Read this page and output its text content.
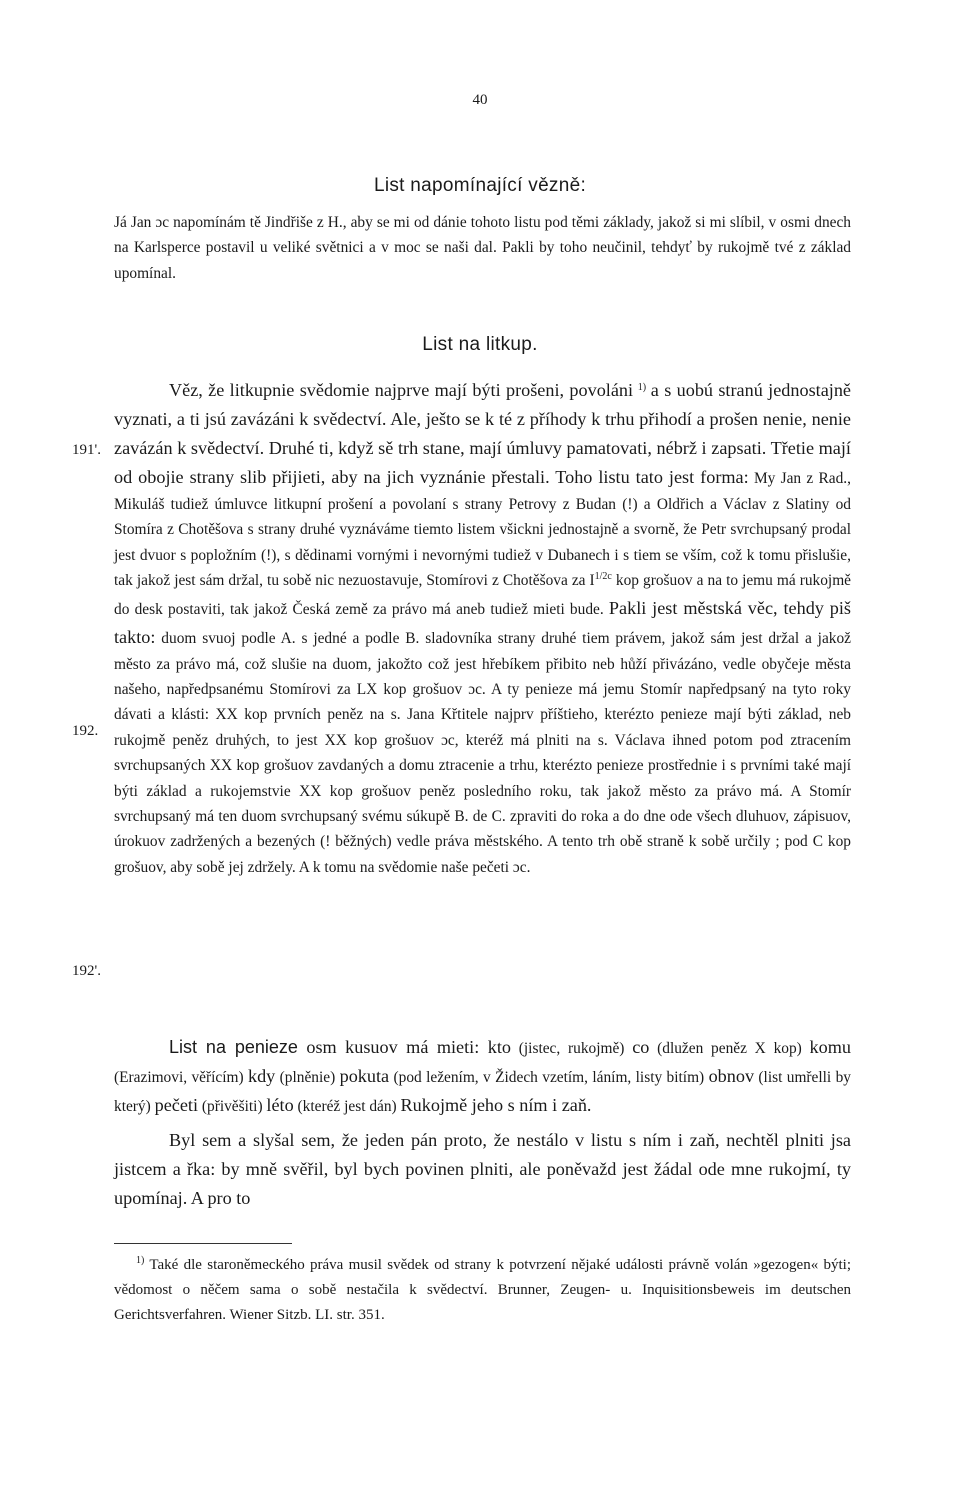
40
List napomínající vězně:

Já Jan ɔc napomínám tě Jindřiše z H., aby se mi od dánie tohoto listu pod těmi základy, jakož si mi slíbil, v osmi dnech na Karlsperce postavil u veliké světnici a v moc se naši dal. Pakli by toho neučinil, tehdyť by rukojmě tvé z základ upomínal.

List na litkup.
191'.
192.
192'.

Věz, že litkupnie svědomie najprve mají býti prošeni, povoláni $^{1)}$ a s uobú stranú jednostajně vyznati, a ti jsú zavázáni k svědectví. Ale, ješto se k té z příhody k trhu přihodí a prošen nenie, nenie zavázán k svědectví. Druhé ti, když sě trh stane, mají úmluvy pamatovati, nébrž i zapsati. Třetie mají od obojie strany slib přijieti, aby na jich vyznánie přestali. Toho listu tato jest forma: My Jan z Rad., Mikuláš tudiež úmluvce litkupní prošení a povolaní s strany Petrovy z Budan (!) a Oldřich a Václav z Slatiny od Stomíra z Chotěšova s strany druhé vyznáváme tiemto listem všickni jednostajně a svorně, že Petr svrchupsaný prodal jest dvuor s popložním (!), s dědinami vornými i nevornými tudiež v Dubanech i s tiem se vším, což k tomu přislušie, tak jakož jest sám držal, tu sobě nic nezuostavuje, Stomírovi z Chotěšova za $I^{1/2c}$ kop grošuov a na to jemu má rukojmě do desk postaviti, tak jakož Česká země za právo má aneb tudiež mieti bude. Pakli jest městská věc, tehdy piš takto: duom svuoj podle A. s jedné a podle B. sladovníka strany druhé tiem právem, jakož sám jest držal a jakož město za právo má, což slušie na duom, jakožto což jest hřebíkem přibito neb hůží přivázáno, vedle obyčeje města našeho, napředpsanému Stomírovi za LX kop grošuov ɔc. A ty penieze má jemu Stomír napředpsaný na tyto roky dávati a klásti: XX kop prvních peněz na s. Jana Křtitele najprv příštieho, kterézto penieze mají býti základ, neb rukojmě peněz druhých, to jest XX kop grošuov ɔc, kteréž má plniti na s. Václava ihned potom pod ztracením svrchupsaných XX kop grošuov zavdaných a domu ztracenie a trhu, kterézto penieze prostřednie i s prvními také mají býti základ a rukojemstvie XX kop grošuov peněz posledního roku, tak jakož město za právo má. A Stomír svrchupsaný má ten duom svrchupsaný svému súkupě B. de C. zpraviti do roka a do dne ode všech dluhuov, zápisuov, úrokuov zadržených a bezených (! běžných) vedle práva městského. A tento trh obě straně k sobě určily ; pod C kop grošuov, aby sobě jej zdržely. A k tomu na svědomie naše pečeti ɔc.

List na penieze osm kusuov má mieti: kto (jistec, rukojmě) co (dlužen peněz X kop) komu (Erazimovi, věřícím) kdy (plněnie) pokuta (pod ležením, v Židech vzetím, láním, listy bitím) obnov (list umřelli by který) pečeti (přivěšiti) léto (kteréž jest dán) Rukojmě jeho s ním i zaň.

Byl sem a slyšal sem, že jeden pán proto, že nestálo v listu s ním i zaň, nechtěl plniti jsa jistcem a řka: by mně svěřil, byl bych povinen plniti, ale poněvažd jest žádal ode mne rukojmí, ty upomínaj. A pro to

$^{1)}$ Také dle staroněmeckého práva musil svědek od strany k potvrzení nějaké události právně volán »gezogen« býti; vědomost o něčem sama o sobě nestačila k svědectví. Brunner, Zeugen- u. Inquisitionsbeweis im deutschen Gerichtsverfahren. Wiener Sitzb. LI. str. 351.
